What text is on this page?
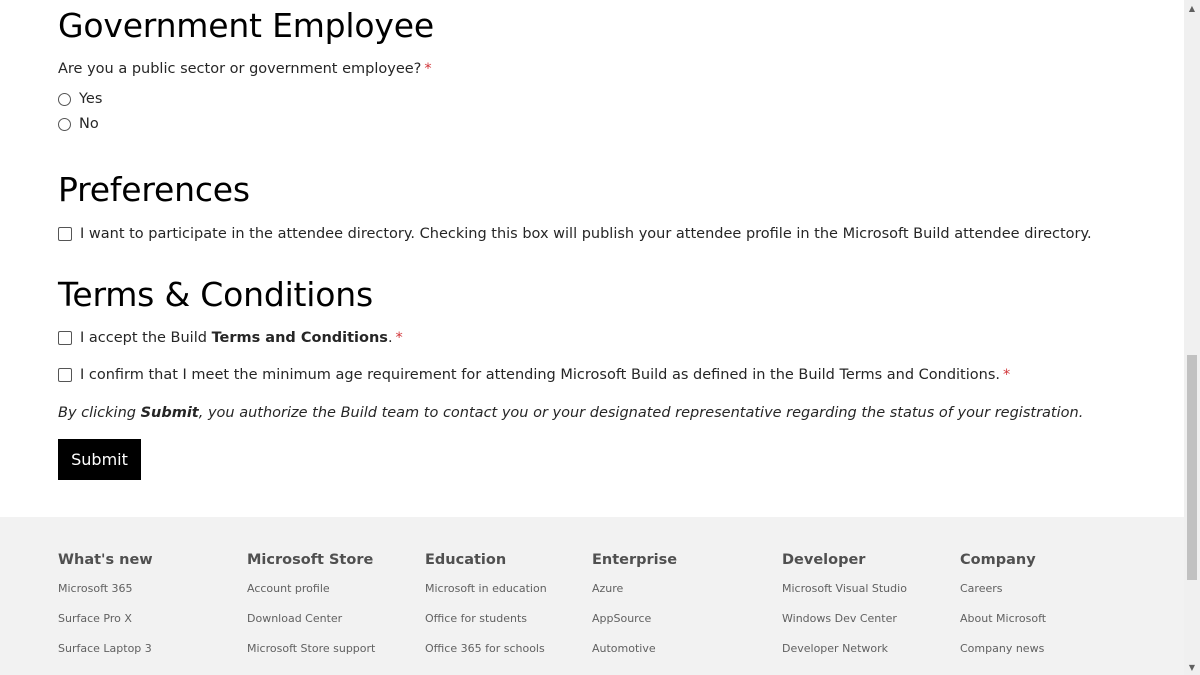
Government Employee
Are you a public sector or government employee? *
Yes
No
Preferences
I want to participate in the attendee directory. Checking this box will publish your attendee profile in the Microsoft Build attendee directory.
Terms & Conditions
I accept the Build
Terms and Conditions . *
I confirm that I meet the minimum age requirement for attending Microsoft Build as defined in the Build Terms and Conditions. *
By clicking Submit, you authorize the Build team to contact you or your designated representative regarding the status of your registration.
Submit
What's new
Microsoft 365
Surface Pro X
Surface Laptop 3
Microsoft Store
Account profile
Download Center
Microsoft Store support
Education
Microsoft in education
Office for students
Office 365 for schools
Enterprise
Azure
AppSource
Automotive
Developer
Microsoft Visual Studio
Windows Dev Center
Developer Network
Company
Careers
About Microsoft
Company news
▲
▼
